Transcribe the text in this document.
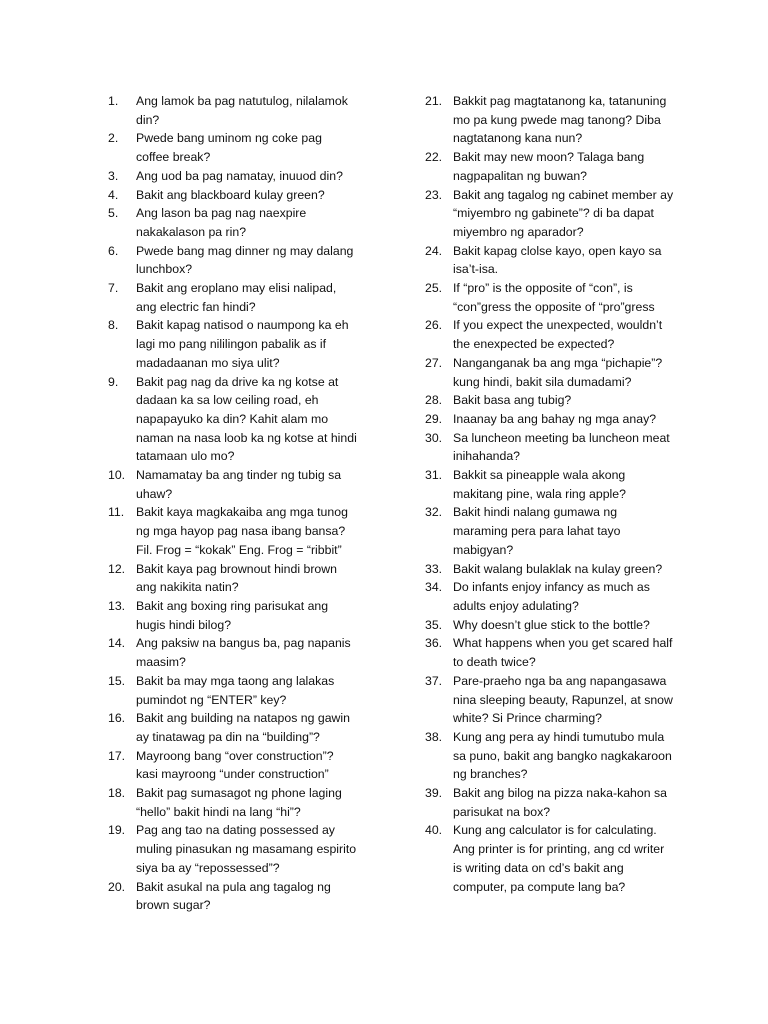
1.	Ang lamok ba pag natutulog, nilalamok
din?
2.	Pwede bang uminom ng coke pag
coffee break?
3.	Ang uod ba pag namatay, inuuod din?
4.	Bakit ang blackboard kulay green?
5.	Ang lason ba pag nag naexpire
nakakalason pa rin?
6.	Pwede bang mag dinner ng may dalang
lunchbox?
7.	Bakit ang eroplano may elisi nalipad,
ang electric fan hindi?
8.	Bakit kapag natisod o naumpong ka eh
lagi mo pang nililingon pabalik as if
madadaanan mo siya ulit?
9.	Bakit pag nag da drive ka ng kotse at
dadaan ka sa low ceiling road, eh
napapayuko ka din? Kahit alam mo
naman na nasa loob ka ng kotse at hindi
tatamaan ulo mo?
10. Namamatay ba ang tinder ng tubig sa
uhaw?
11. Bakit kaya magkakaiba ang mga tunog
ng mga hayop pag nasa ibang bansa?
Fil. Frog = “kokak” Eng. Frog = “ribbit”
12. Bakit kaya pag brownout hindi brown
ang nakikita natin?
13. Bakit ang boxing ring parisukat ang
hugis hindi bilog?
14. Ang paksiw na bangus ba, pag napanis
maasim?
15. Bakit ba may mga taong ang lalakas
pumindot ng “ENTER” key?
16. Bakit ang building na natapos ng gawin
ay tinatawag pa din na “building”?
17. Mayroong bang “over construction”?
kasi mayroong “under construction”
18. Bakit pag sumasagot ng phone laging
“hello” bakit hindi na lang “hi”?
19. Pag ang tao na dating possessed ay
muling pinasukan ng masamang espirito
siya ba ay “repossessed”?
20. Bakit asukal na pula ang tagalog ng
brown sugar?
21. Bakkit pag magtatanong ka, tatanuning
mo pa kung pwede mag tanong? Diba
nagtatanong kana nun?
22. Bakit may new moon? Talaga bang
nagpapalitan ng buwan?
23. Bakit ang tagalog ng cabinet member ay
“miyembro ng gabinete”? di ba dapat
miyembro ng aparador?
24. Bakit kapag clolse kayo, open kayo sa
isa’t-isa.
25. If “pro” is the opposite of “con”, is
“con”gress the opposite of “pro”gress
26. If you expect the unexpected, wouldn’t
the enexpected be expected?
27. Nanganganak ba ang mga “pichapie”?
kung hindi, bakit sila dumadami?
28. Bakit basa ang tubig?
29. Inaanay ba ang bahay ng mga anay?
30. Sa luncheon meeting ba luncheon meat
inihahanda?
31. Bakkit sa pineapple wala akong
makitang pine, wala ring apple?
32. Bakit hindi nalang gumawa ng
maraming pera para lahat tayo
mabigyan?
33. Bakit walang bulaklak na kulay green?
34. Do infants enjoy infancy as much as
adults enjoy adulating?
35. Why doesn’t glue stick to the bottle?
36. What happens when you get scared half
to death twice?
37. Pare-praeho nga ba ang napangasawa
nina sleeping beauty, Rapunzel, at snow
white? Si Prince charming?
38. Kung ang pera ay hindi tumutubo mula
sa puno, bakit ang bangko nagkakaroon
ng branches?
39. Bakit ang bilog na pizza naka-kahon sa
parisukat na box?
40. Kung ang calculator is for calculating.
Ang printer is for printing, ang cd writer
is writing data on cd’s bakit ang
computer, pa compute lang ba?
